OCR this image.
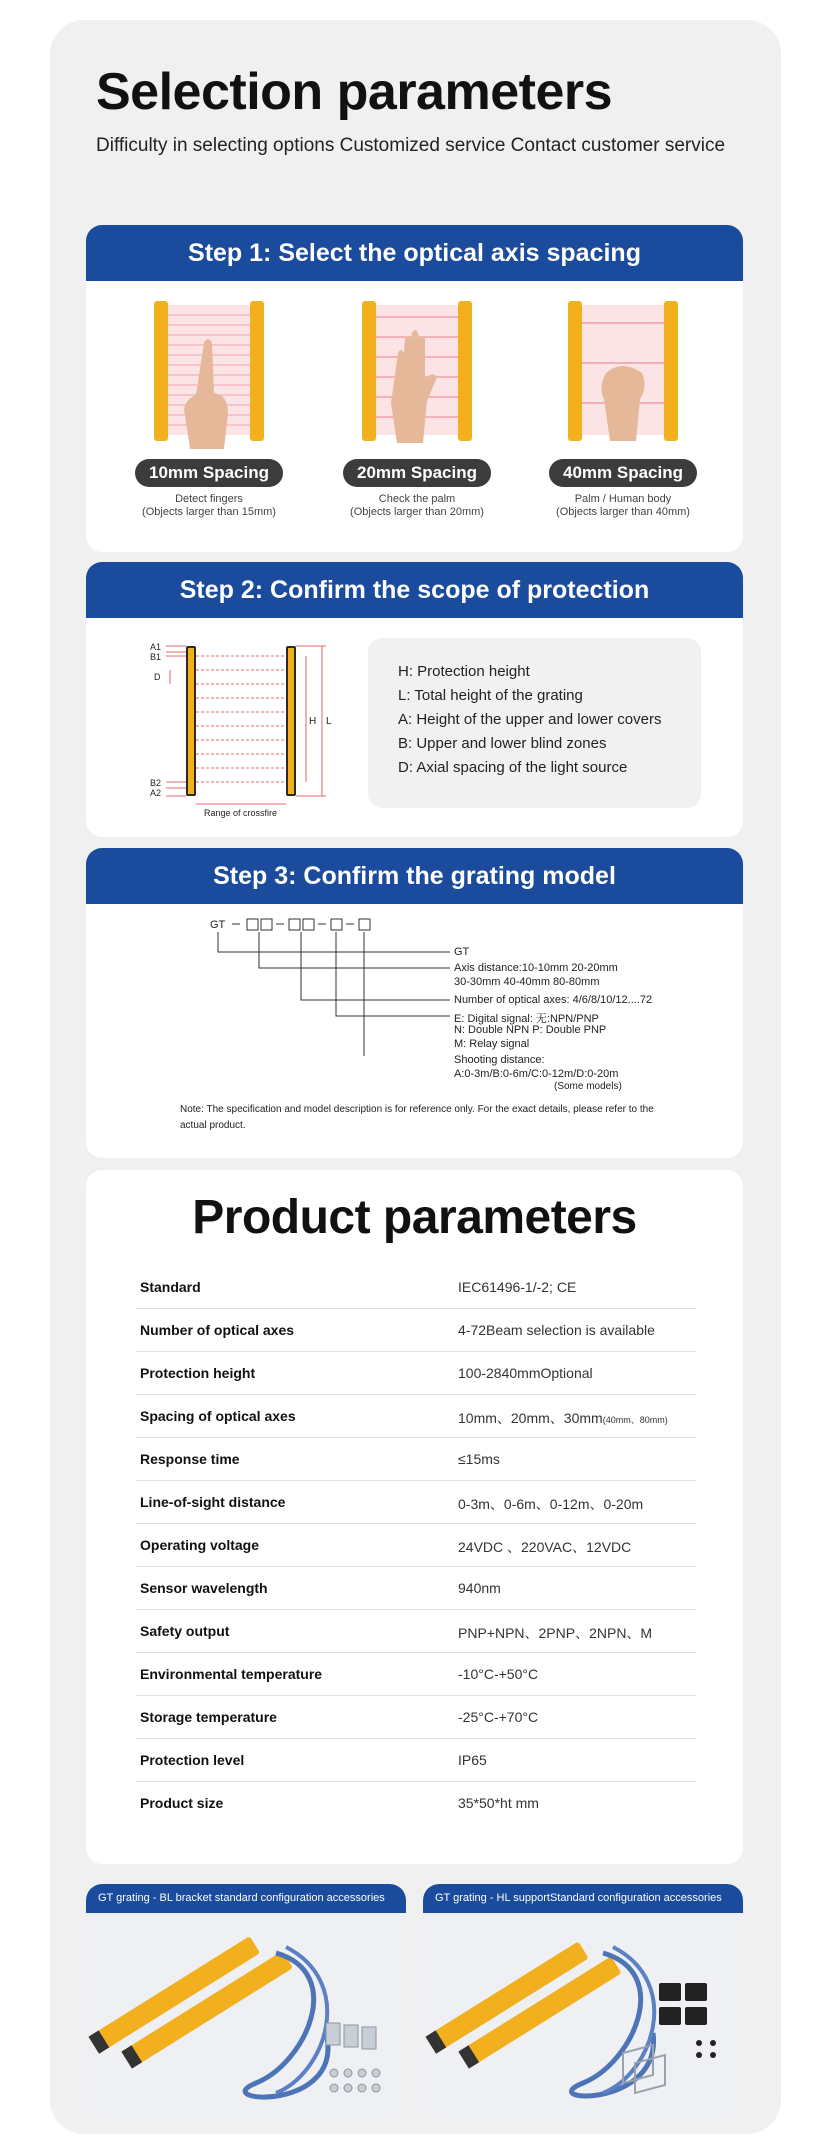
Selection parameters

Difficulty in selecting options Customized service Contact customer service

Step 1: Select the optical axis spacing
10mm Spacing
Detect fingers
(Objects larger than 15mm)
20mm Spacing
Check the palm
(Objects larger than 20mm)
40mm Spacing
Palm / Human body
(Objects larger than 40mm)
Step 2: Confirm the scope of protection
A1
B1
D
B2
A2
H L
Range of crossfire
H: Protection height
L: Total height of the grating
A: Height of the upper and lower covers
B: Upper and lower blind zones
D: Axial spacing of the light source
Step 3: Confirm the grating model
GT
GT
Axis distance:10-10mm 20-20mm
30-30mm 40-40mm 80-80mm
Number of optical axes: 4/6/8/10/12....72
E: Digital signal: 无:NPN/PNP
N: Double NPN P: Double PNP
M: Relay signal
Shooting distance:
A:0-3m/B:0-6m/C:0-12m/D:0-20m
(Some models)
Note: The specification and model description is for reference only. For the exact details, please refer to the actual product.
Product parameters
Standard	IEC61496-1/-2; CE
Number of optical axes	4-72Beam selection is available
Protection height	100-2840mmOptional
Spacing of optical axes	10mm、20mm、30mm(40mm、80mm)
Response time	≤15ms
Line-of-sight distance	0-3m、0-6m、0-12m、0-20m
Operating voltage	24VDC 、220VAC、12VDC
Sensor wavelength	940nm
Safety output	PNP+NPN、2PNP、2NPN、M
Environmental temperature	-10°C-+50°C
Storage temperature	-25°C-+70°C
Protection level	IP65
Product size	35*50*ht mm
GT grating - BL bracket standard configuration accessories	GT grating - HL supportStandard configuration accessories
